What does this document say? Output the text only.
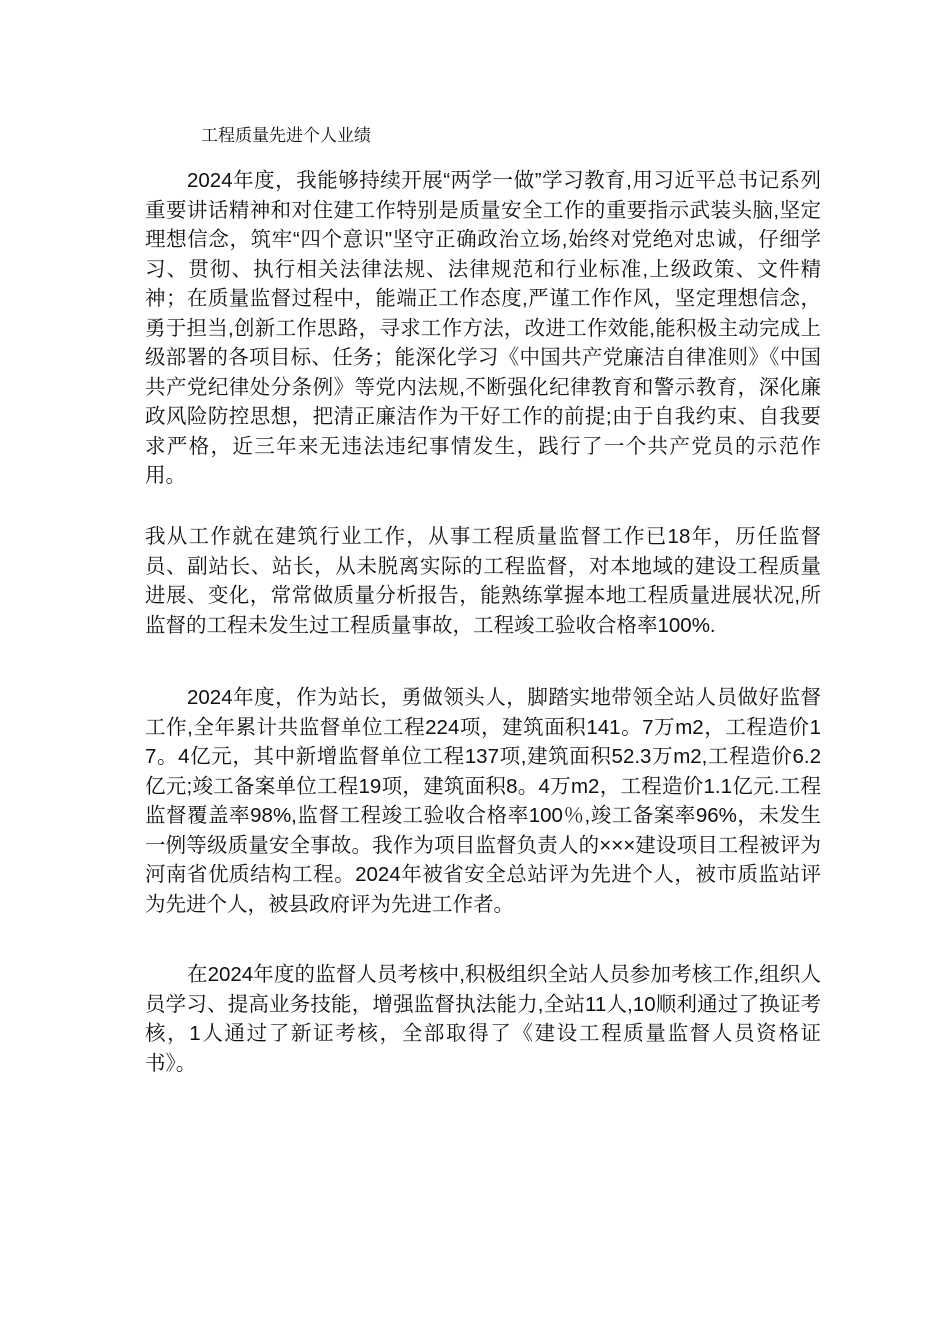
工程质量先进个人业绩

2024年度，我能够持续开展“两学一做”学习教育,用习近平总书记系列重要讲话精神和对住建工作特别是质量安全工作的重要指示武装头脑,坚定理想信念，筑牢“四个意识"坚守正确政治立场,始终对党绝对忠诚，仔细学习、贯彻、执行相关法律法规、法律规范和行业标准,上级政策、文件精神；在质量监督过程中，能端正工作态度,严谨工作作风，坚定理想信念，勇于担当,创新工作思路，寻求工作方法，改进工作效能,能积极主动完成上级部署的各项目标、任务；能深化学习《中国共产党廉洁自律准则》《中国共产党纪律处分条例》等党内法规,不断强化纪律教育和警示教育，深化廉政风险防控思想，把清正廉洁作为干好工作的前提;由于自我约束、自我要求严格，近三年来无违法违纪事情发生，践行了一个共产党员的示范作用。

我从工作就在建筑行业工作，从事工程质量监督工作已18年，历任监督员、副站长、站长，从未脱离实际的工程监督，对本地域的建设工程质量进展、变化，常常做质量分析报告，能熟练掌握本地工程质量进展状况,所监督的工程未发生过工程质量事故，工程竣工验收合格率100%.

2024年度，作为站长，勇做领头人，脚踏实地带领全站人员做好监督工作,全年累计共监督单位工程224项，建筑面积141。7万m2，工程造价17。4亿元，其中新增监督单位工程137项,建筑面积52.3万m2,工程造价6.2亿元;竣工备案单位工程19项，建筑面积8。4万m2，工程造价1.1亿元.工程监督覆盖率98%,监督工程竣工验收合格率100％,竣工备案率96%，未发生一例等级质量安全事故。我作为项目监督负责人的×××建设项目工程被评为河南省优质结构工程。2024年被省安全总站评为先进个人，被市质监站评为先进个人，被县政府评为先进工作者。

在2024年度的监督人员考核中,积极组织全站人员参加考核工作,组织人员学习、提高业务技能，增强监督执法能力,全站11人,10顺利通过了换证考核，1人通过了新证考核，全部取得了《建设工程质量监督人员资格证书》。
